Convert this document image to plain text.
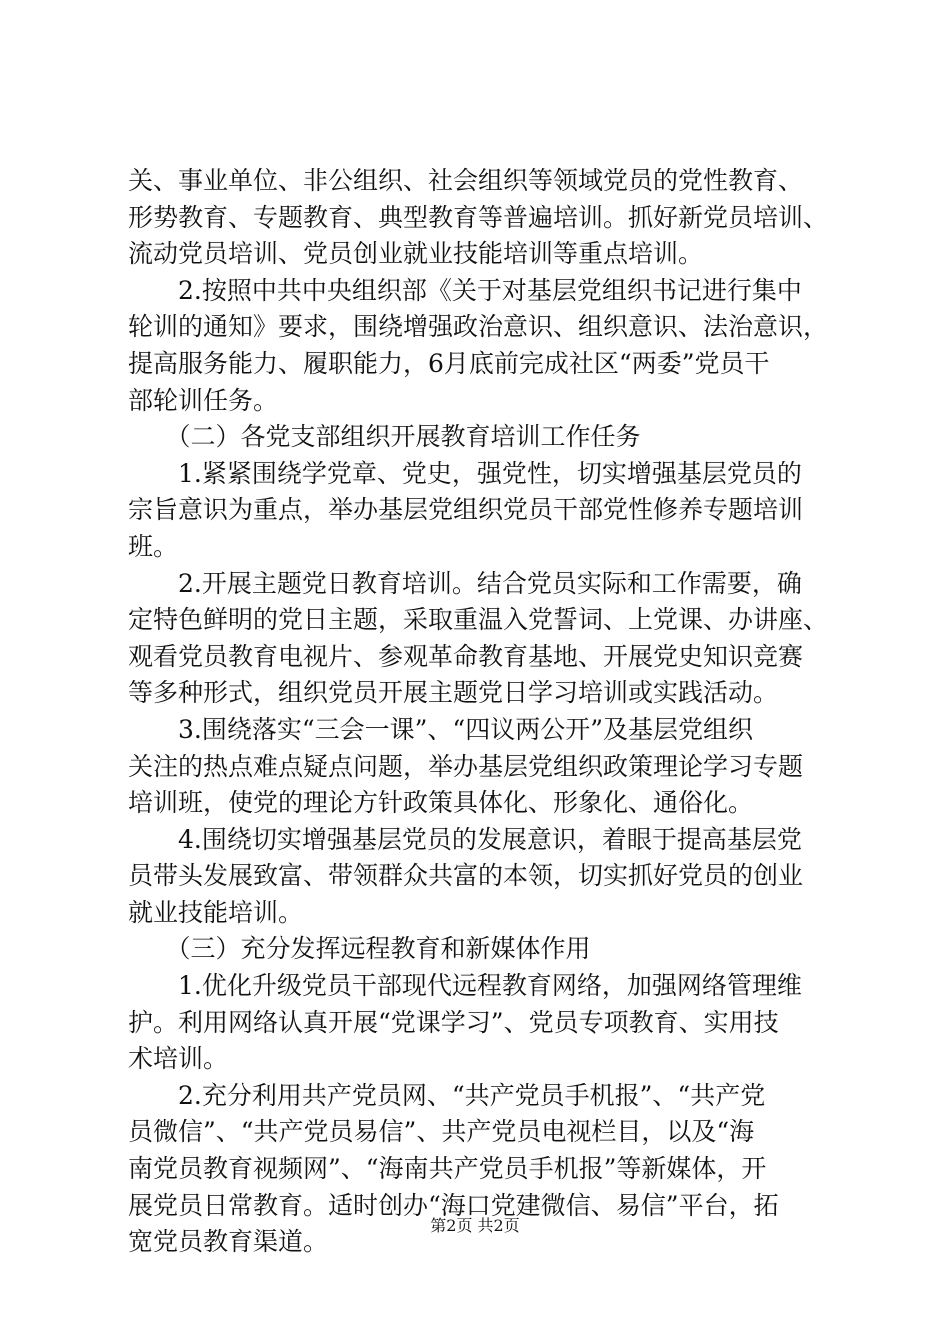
关、事业单位、非公组织、社会组织等领域党员的党性教育、
形势教育、专题教育、典型教育等普遍培训。抓好新党员培训、
流动党员培训、党员创业就业技能培训等重点培训。
　　2.按照中共中央组织部《关于对基层党组织书记进行集中
轮训的通知》要求，围绕增强政治意识、组织意识、法治意识，
提高服务能力、履职能力，6月底前完成社区“两委”党员干
部轮训任务。
　　（二）各党支部组织开展教育培训工作任务
　　1.紧紧围绕学党章、党史，强党性，切实增强基层党员的
宗旨意识为重点，举办基层党组织党员干部党性修养专题培训
班。
　　2.开展主题党日教育培训。结合党员实际和工作需要，确
定特色鲜明的党日主题，采取重温入党誓词、上党课、办讲座、
观看党员教育电视片、参观革命教育基地、开展党史知识竞赛
等多种形式，组织党员开展主题党日学习培训或实践活动。
　　3.围绕落实“三会一课”、“四议两公开”及基层党组织
关注的热点难点疑点问题，举办基层党组织政策理论学习专题
培训班，使党的理论方针政策具体化、形象化、通俗化。
　　4.围绕切实增强基层党员的发展意识，着眼于提高基层党
员带头发展致富、带领群众共富的本领，切实抓好党员的创业
就业技能培训。
　　（三）充分发挥远程教育和新媒体作用
　　1.优化升级党员干部现代远程教育网络，加强网络管理维
护。利用网络认真开展“党课学习”、党员专项教育、实用技
术培训。
　　2.充分利用共产党员网、“共产党员手机报”、“共产党
员微信”、“共产党员易信”、共产党员电视栏目，以及“海
南党员教育视频网”、“海南共产党员手机报”等新媒体，开
展党员日常教育。适时创办“海口党建微信、易信”平台，拓
宽党员教育渠道。
第2页 共2页
